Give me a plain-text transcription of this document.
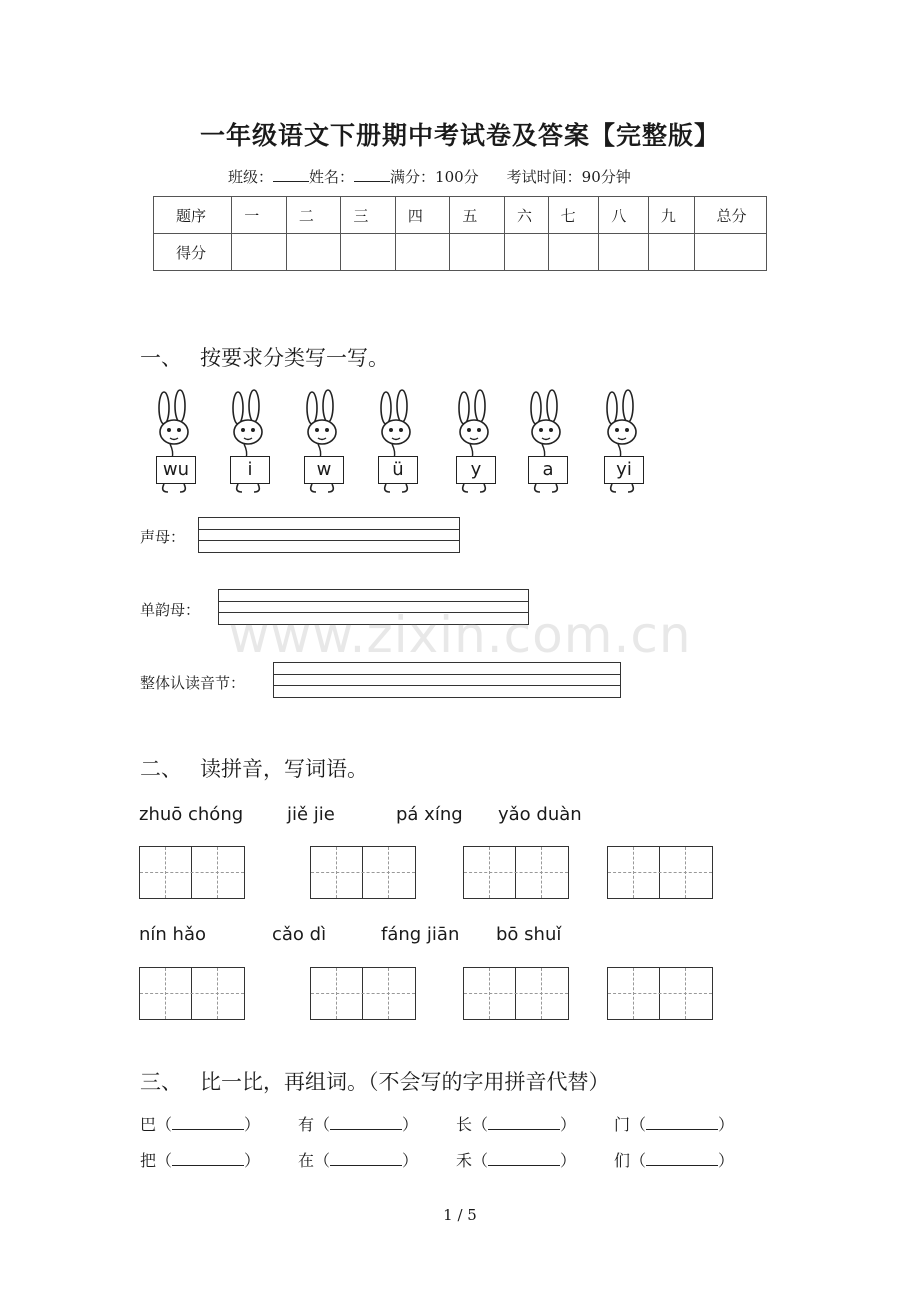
一年级语文下册期中考试卷及答案【完整版】
班级： 姓名： 满分：100分 考试时间：90分钟
题序	一	二	三	四	五	六	七	八	九	总分
得分										
一、 按要求分类写一写。
wu	i	w	ü	y	a	yi
声母：
单韵母：
整体认读音节：
www.zixin.com.cn
二、 读拼音，写词语。
zhuō chóng jiě jie	pá xíng yǎo duàn
nín hǎo	cǎo dì	fáng jiān bō shuǐ
三、 比一比，再组词。（不会写的字用拼音代替）
巴（	） 有（	） 长（	） 门（	）
把（	） 在（	） 禾（	） 们（	）
1 / 5
